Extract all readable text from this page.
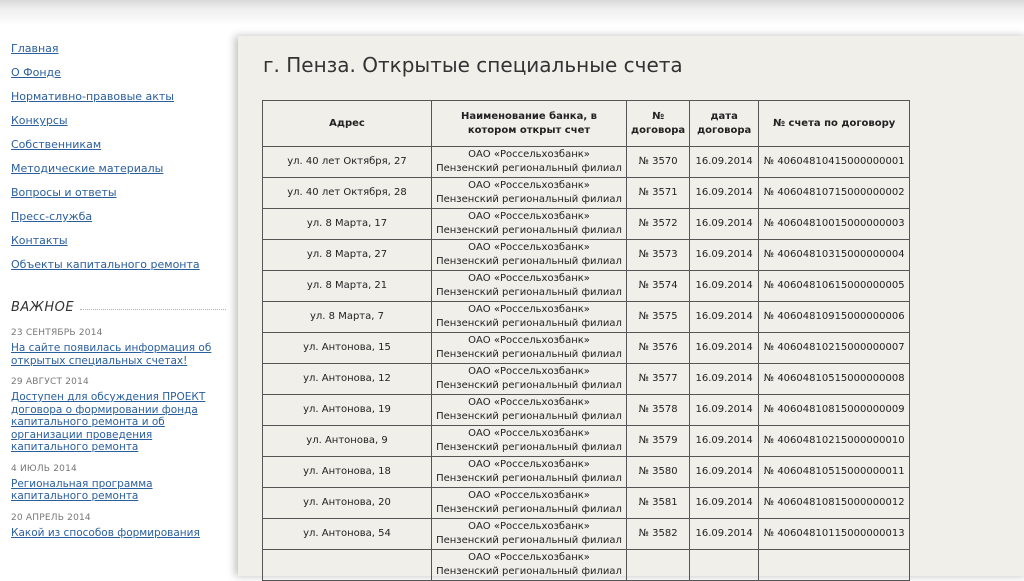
Главная
О Фонде
Нормативно-правовые акты
Конкурсы
Собственникам
Методические материалы
Вопросы и ответы
Пресс-служба
Контакты
Объекты капитального ремонта
ВАЖНОЕ
23 СЕНТЯБРЬ 2014
На сайте появилась информация об открытых специальных счетах!
29 АВГУСТ 2014
Доступен для обсуждения ПРОЕКТ договора о формировании фонда капитального ремонта и об организации проведения капитального ремонта
4 ИЮЛЬ 2014
Региональная программа капитального ремонта
20 АПРЕЛЬ 2014
Какой из способов формирования
г. Пенза. Открытые специальные счета
Адрес	Наименование банка, в котором открыт счет	№ договора	дата договора	№ счета по договору
ул. 40 лет Октября, 27	ОАО «Россельхозбанк» Пензенский региональный филиал	№ 3570	16.09.2014	№ 40604810415000000001
ул. 40 лет Октября, 28	ОАО «Россельхозбанк» Пензенский региональный филиал	№ 3571	16.09.2014	№ 40604810715000000002
ул. 8 Марта, 17	ОАО «Россельхозбанк» Пензенский региональный филиал	№ 3572	16.09.2014	№ 40604810015000000003
ул. 8 Марта, 27	ОАО «Россельхозбанк» Пензенский региональный филиал	№ 3573	16.09.2014	№ 40604810315000000004
ул. 8 Марта, 21	ОАО «Россельхозбанк» Пензенский региональный филиал	№ 3574	16.09.2014	№ 40604810615000000005
ул. 8 Марта, 7	ОАО «Россельхозбанк» Пензенский региональный филиал	№ 3575	16.09.2014	№ 40604810915000000006
ул. Антонова, 15	ОАО «Россельхозбанк» Пензенский региональный филиал	№ 3576	16.09.2014	№ 40604810215000000007
ул. Антонова, 12	ОАО «Россельхозбанк» Пензенский региональный филиал	№ 3577	16.09.2014	№ 40604810515000000008
ул. Антонова, 19	ОАО «Россельхозбанк» Пензенский региональный филиал	№ 3578	16.09.2014	№ 40604810815000000009
ул. Антонова, 9	ОАО «Россельхозбанк» Пензенский региональный филиал	№ 3579	16.09.2014	№ 40604810215000000010
ул. Антонова, 18	ОАО «Россельхозбанк» Пензенский региональный филиал	№ 3580	16.09.2014	№ 40604810515000000011
ул. Антонова, 20	ОАО «Россельхозбанк» Пензенский региональный филиал	№ 3581	16.09.2014	№ 40604810815000000012
ул. Антонова, 54	ОАО «Россельхозбанк» Пензенский региональный филиал	№ 3582	16.09.2014	№ 40604810115000000013
	ОАО «Россельхозбанк» Пензенский региональный филиал			
